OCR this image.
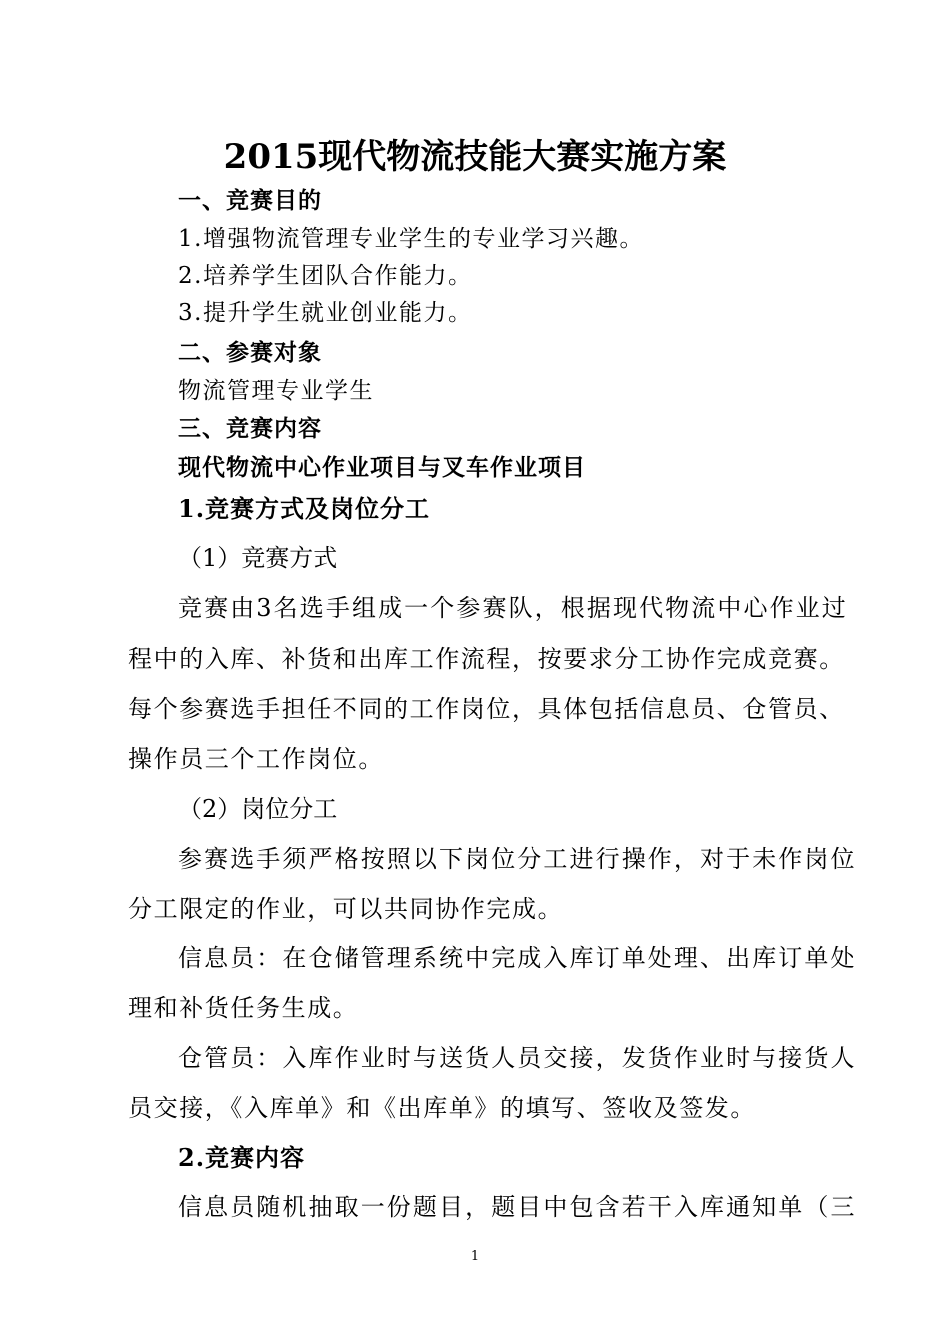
2015现代物流技能大赛实施方案
一、竞赛目的
1.增强物流管理专业学生的专业学习兴趣。
2.培养学生团队合作能力。
3.提升学生就业创业能力。
二、参赛对象
物流管理专业学生
三、竞赛内容
现代物流中心作业项目与叉车作业项目
1.竞赛方式及岗位分工
（1）竞赛方式
竞赛由3名选手组成一个参赛队，根据现代物流中心作业过
程中的入库、补货和出库工作流程，按要求分工协作完成竞赛。
每个参赛选手担任不同的工作岗位，具体包括信息员、仓管员、
操作员三个工作岗位。
（2）岗位分工
参赛选手须严格按照以下岗位分工进行操作，对于未作岗位
分工限定的作业，可以共同协作完成。
信息员：在仓储管理系统中完成入库订单处理、出库订单处
理和补货任务生成。
仓管员：入库作业时与送货人员交接，发货作业时与接货人
员交接，《入库单》和《出库单》的填写、签收及签发。
2.竞赛内容
信息员随机抽取一份题目，题目中包含若干入库通知单（三
1
